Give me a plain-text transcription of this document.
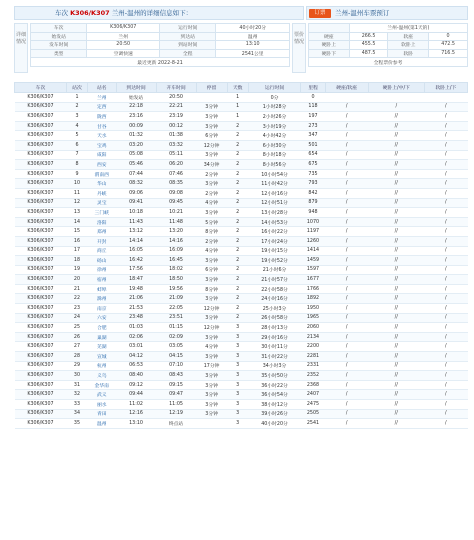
车次 K306/K307 兰州-温州的详细信息如下：	订票	兰州-温州车票预订
详细情况
车次	K306/K307	运行时间	40小时20分
始发站	兰州	到达站	温州
发车时间	20:50	到站时间	13:10
类型	空调快速	全程	2541公里
最近更新 2022-8-21			
票价情况
	兰州-温州(第1天的)		
硬座	266.5	软座	0
硬卧上	455.5	软卧上	472.5
硬卧下	487.5	软卧	716.5
全程票价参考			
车次	站次	站名	到达时间	开车时间	停留	天数	运行时间	里程	硬座/软座	硬卧上/中/下	软卧上/下
K306/K307	1	兰州	始发站	20:50		1	0分	0			
K306/K307	2	定西	22:18	22:21	3分钟	1	1小时28分	118	/	/	/
K306/K307	3	陇西	23:16	23:19	3分钟	1	2小时26分	197	/	//	/
K306/K307	4	甘谷	00:09	00:12	3分钟	2	3小时19分	273	/	//	/
K306/K307	5	天水	01:32	01:38	6分钟	2	4小时42分	347	/	//	/
K306/K307	6	宝鸡	03:20	03:32	12分钟	2	6小时30分	501	/	//	/
K306/K307	7	咸阳	05:08	05:11	3分钟	2	8小时18分	654	/	//	/
K306/K307	8	西安	05:46	06:20	34分钟	2	8小时56分	675	/	//	/
K306/K307	9	渭南西	07:44	07:46	2分钟	2	10小时54分	735	/	//	/
K306/K307	10	华山	08:32	08:35	3分钟	2	11小时42分	793	/	//	/
K306/K307	11	丹峡	09:06	09:08	2分钟	2	12小时16分	842	/	//	/
K306/K307	12	灵宝	09:41	09:45	4分钟	2	12小时51分	879	/	//	/
K306/K307	13	三门峡	10:18	10:21	3分钟	2	13小时28分	948	/	//	/
K306/K307	14	洛阳	11:43	11:48	5分钟	2	14小时53分	1070	/	//	/
K306/K307	15	郑州	13:12	13:20	8分钟	2	16小时22分	1197	/	//	/
K306/K307	16	开封	14:14	14:16	2分钟	2	17小时24分	1260	/	//	/
K306/K307	17	商丘	16:05	16:09	4分钟	2	19小时15分	1414	/	//	/
K306/K307	18	砀山	16:42	16:45	3分钟	2	19小时52分	1459	/	//	/
K306/K307	19	徐州	17:56	18:02	6分钟	2	21小时6分	1597	/	//	/
K306/K307	20	宿州	18:47	18:50	3分钟	2	21小时57分	1677	/	//	/
K306/K307	21	蚌埠	19:48	19:56	8分钟	2	22小时58分	1766	/	//	/
K306/K307	22	滁州	21:06	21:09	3分钟	2	24小时16分	1892	/	//	/
K306/K307	23	南京	21:53	22:05	12分钟	2	25小时3分	1950	/	//	/
K306/K307	24	六安	23:48	23:51	3分钟	2	26小时58分	1965	/	//	/
K306/K307	25	合肥	01:03	01:15	12分钟	3	28小时13分	2060	/	//	/
K306/K307	26	巢湖	02:06	02:09	3分钟	3	29小时16分	2134	/	//	/
K306/K307	27	芜湖	03:01	03:05	4分钟	3	30小时11分	2200	/	//	/
K306/K307	28	宣城	04:12	04:15	3分钟	3	31小时22分	2281	/	//	/
K306/K307	29	杭州	06:53	07:10	17分钟	3	34小时3分	2331	/	//	/
K306/K307	30	义乌	08:40	08:43	3分钟	3	35小时50分	2352	/	//	/
K306/K307	31	金华南	09:12	09:15	3分钟	3	36小时22分	2368	/	//	/
K306/K307	32	武义	09:44	09:47	3分钟	3	36小时54分	2407	/	//	/
K306/K307	33	丽水	11:02	11:05	3分钟	3	38小时12分	2475	/	//	/
K306/K307	34	青田	12:16	12:19	3分钟	3	39小时26分	2505	/	//	/
K306/K307	35	温州	13:10	终点站		3	40小时20分	2541	/	//	/
